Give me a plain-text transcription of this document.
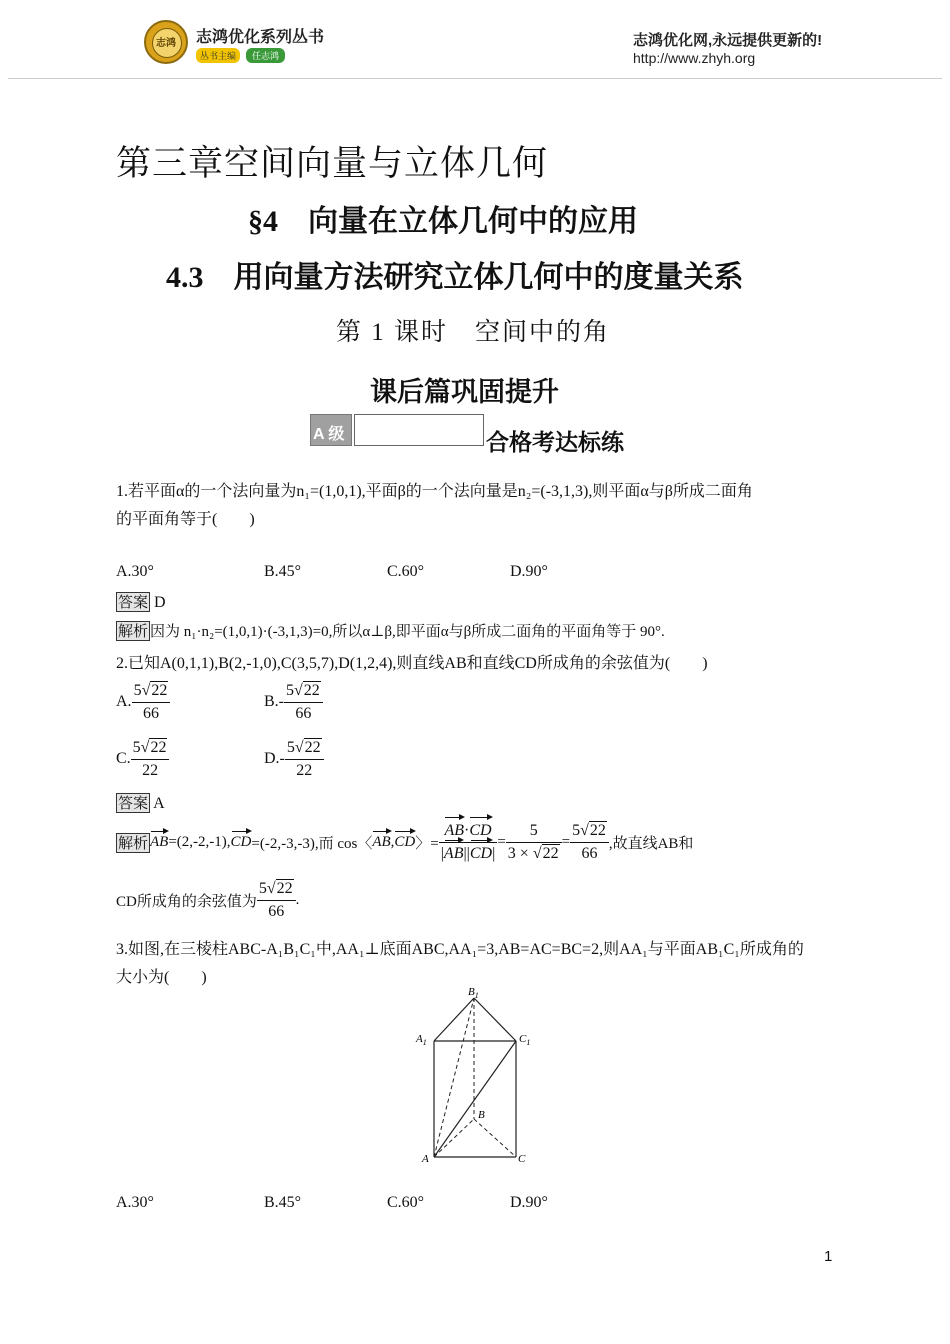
志鸿	志鸿优化系列丛书
丛书主编	任志鸿
志鸿优化网,永远提供更新的!
http://www.zhyh.org
第三章空间向量与立体几何
§4　向量在立体几何中的应用
4.3　用向量方法研究立体几何中的度量关系
第 1 课时　空间中的角
课后篇巩固提升
A 级	合格考达标练
1.若平面α的一个法向量为n₁=(1,0,1),平面β的一个法向量是n₂=(-3,1,3),则平面α与β所成二面角
的平面角等于(　　)
A.30°	B.45°	C.60°	D.90°
答案 D
解析 因为 n₁·n₂=(1,0,1)·(-3,1,3)=0,所以α⊥β,即平面α与β所成二面角的平面角等于 90°.
2.已知A(0,1,1),B(2,-1,0),C(3,5,7),D(1,2,4),则直线AB和直线CD所成角的余弦值为(　　)
A. $\frac{5√22}{66}$	$B.- \frac{5√22}{66}$
C. $\frac{5√22}{22}$	$D.- \frac{5√22}{22}$
答案 A
解析 AB=(2,-2,-1),CD=(-2,-3,-3),而 cos〈AB,CD〉= $\frac{AB\cdot CD}{|AB||CD|} = \frac{5}{3 \times √22} = \frac{5√22}{66}$ ,故直线AB和
CD所成角的余弦值为 $\frac{5√22}{66}$ .
3.如图,在三棱柱ABC-A₁B₁C₁中,AA₁⊥底面ABC,AA₁=3,AB=AC=BC=2,则AA₁与平面AB₁C₁所成角的
大小为(　　)
$B_1$
$A_1$	$C_1$
B
A	C
A.30°	B.45°	C.60°	D.90°
1
